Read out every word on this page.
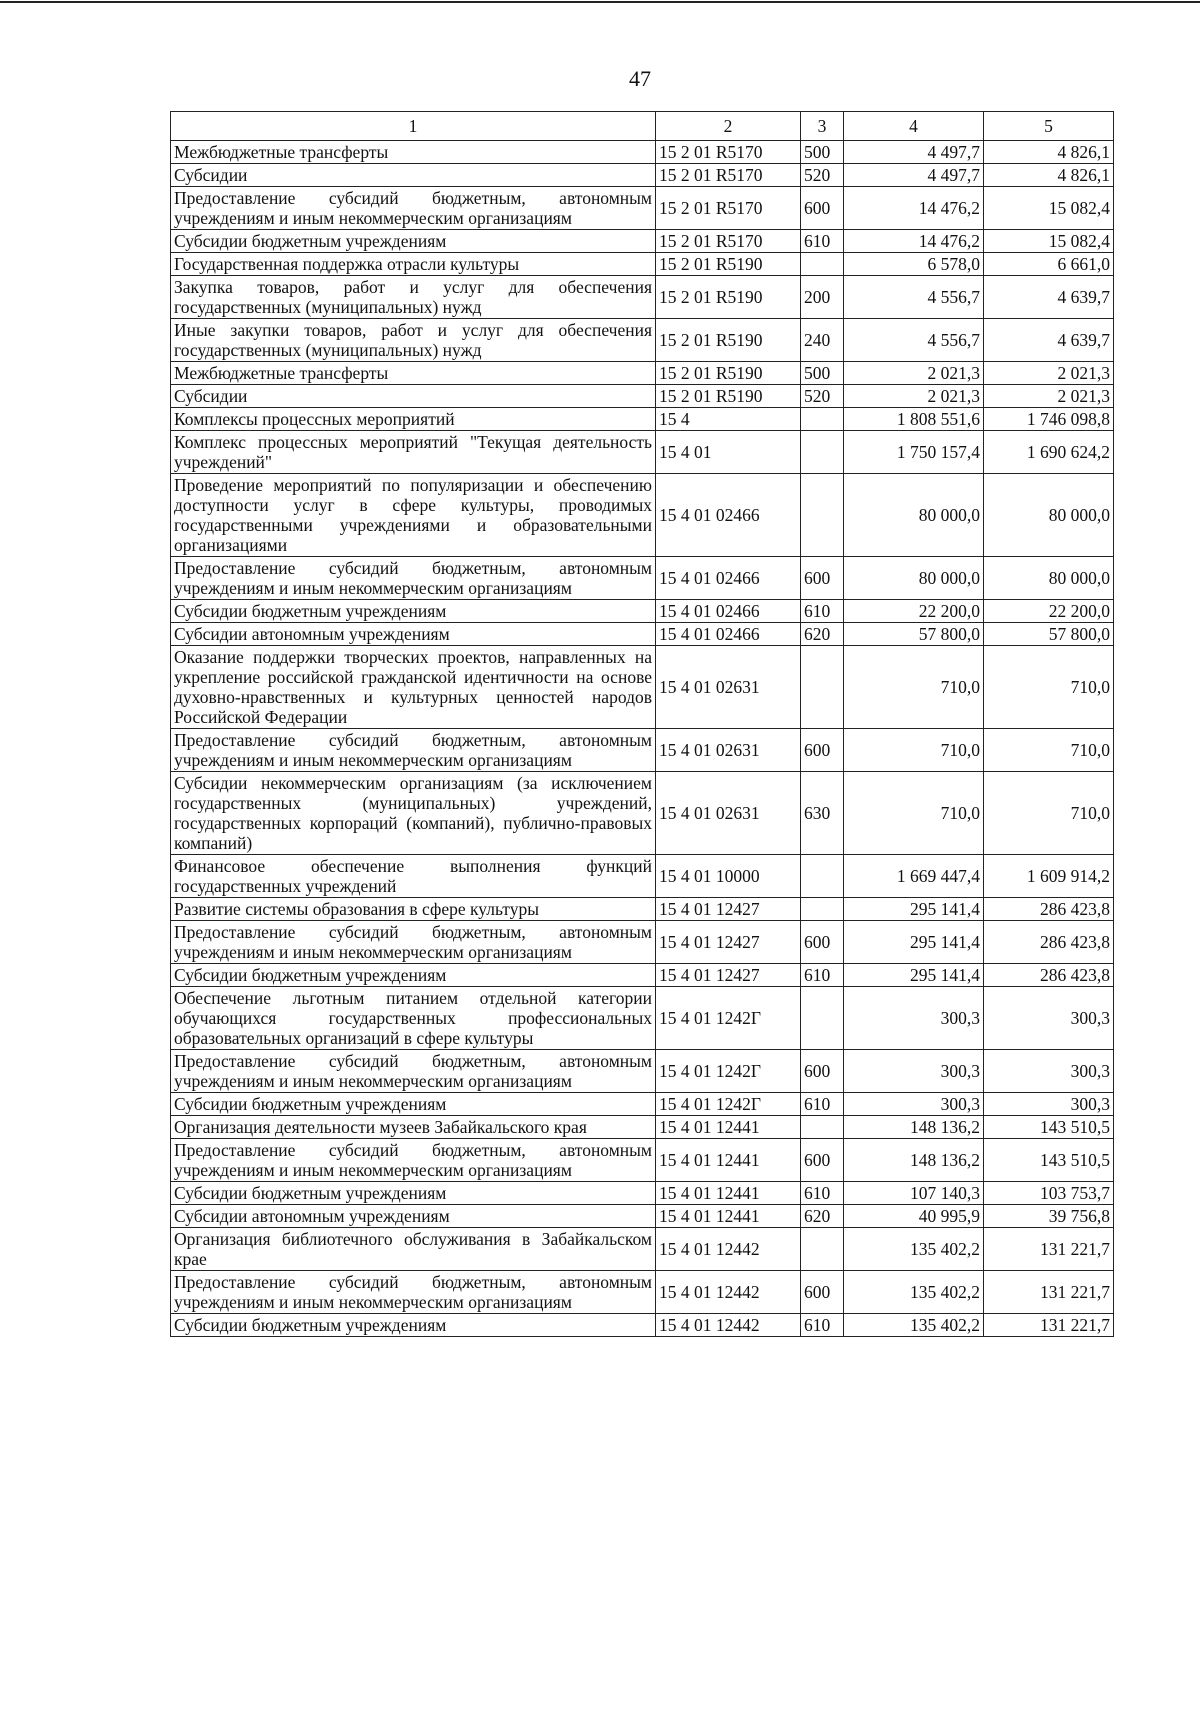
47
1	2	3	4	5
Межбюджетные трансферты	15 2 01 R5170	500	4 497,7	4 826,1
Субсидии	15 2 01 R5170	520	4 497,7	4 826,1
Предоставление субсидий бюджетным, автономным учреждениям и иным некоммерческим организациям	15 2 01 R5170	600	14 476,2	15 082,4
Субсидии бюджетным учреждениям	15 2 01 R5170	610	14 476,2	15 082,4
Государственная поддержка отрасли культуры	15 2 01 R5190		6 578,0	6 661,0
Закупка товаров, работ и услуг для обеспечения государственных (муниципальных) нужд	15 2 01 R5190	200	4 556,7	4 639,7
Иные закупки товаров, работ и услуг для обеспечения государственных (муниципальных) нужд	15 2 01 R5190	240	4 556,7	4 639,7
Межбюджетные трансферты	15 2 01 R5190	500	2 021,3	2 021,3
Субсидии	15 2 01 R5190	520	2 021,3	2 021,3
Комплексы процессных мероприятий	15 4		1 808 551,6	1 746 098,8
Комплекс процессных мероприятий "Текущая деятельность учреждений"	15 4 01		1 750 157,4	1 690 624,2
Проведение мероприятий по популяризации и обеспечению доступности услуг в сфере культуры, проводимых государственными учреждениями и образовательными организациями	15 4 01 02466		80 000,0	80 000,0
Предоставление субсидий бюджетным, автономным учреждениям и иным некоммерческим организациям	15 4 01 02466	600	80 000,0	80 000,0
Субсидии бюджетным учреждениям	15 4 01 02466	610	22 200,0	22 200,0
Субсидии автономным учреждениям	15 4 01 02466	620	57 800,0	57 800,0
Оказание поддержки творческих проектов, направленных на укрепление российской гражданской идентичности на основе духовно-нравственных и культурных ценностей народов Российской Федерации	15 4 01 02631		710,0	710,0
Предоставление субсидий бюджетным, автономным учреждениям и иным некоммерческим организациям	15 4 01 02631	600	710,0	710,0
Субсидии некоммерческим организациям (за исключением государственных (муниципальных) учреждений, государственных корпораций (компаний), публично-правовых компаний)	15 4 01 02631	630	710,0	710,0
Финансовое обеспечение выполнения функций государственных учреждений	15 4 01 10000		1 669 447,4	1 609 914,2
Развитие системы образования в сфере культуры	15 4 01 12427		295 141,4	286 423,8
Предоставление субсидий бюджетным, автономным учреждениям и иным некоммерческим организациям	15 4 01 12427	600	295 141,4	286 423,8
Субсидии бюджетным учреждениям	15 4 01 12427	610	295 141,4	286 423,8
Обеспечение льготным питанием отдельной категории обучающихся государственных профессиональных образовательных организаций в сфере культуры	15 4 01 1242Г		300,3	300,3
Предоставление субсидий бюджетным, автономным учреждениям и иным некоммерческим организациям	15 4 01 1242Г	600	300,3	300,3
Субсидии бюджетным учреждениям	15 4 01 1242Г	610	300,3	300,3
Организация деятельности музеев Забайкальского края	15 4 01 12441		148 136,2	143 510,5
Предоставление субсидий бюджетным, автономным учреждениям и иным некоммерческим организациям	15 4 01 12441	600	148 136,2	143 510,5
Субсидии бюджетным учреждениям	15 4 01 12441	610	107 140,3	103 753,7
Субсидии автономным учреждениям	15 4 01 12441	620	40 995,9	39 756,8
Организация библиотечного обслуживания в Забайкальском крае	15 4 01 12442		135 402,2	131 221,7
Предоставление субсидий бюджетным, автономным учреждениям и иным некоммерческим организациям	15 4 01 12442	600	135 402,2	131 221,7
Субсидии бюджетным учреждениям	15 4 01 12442	610	135 402,2	131 221,7
